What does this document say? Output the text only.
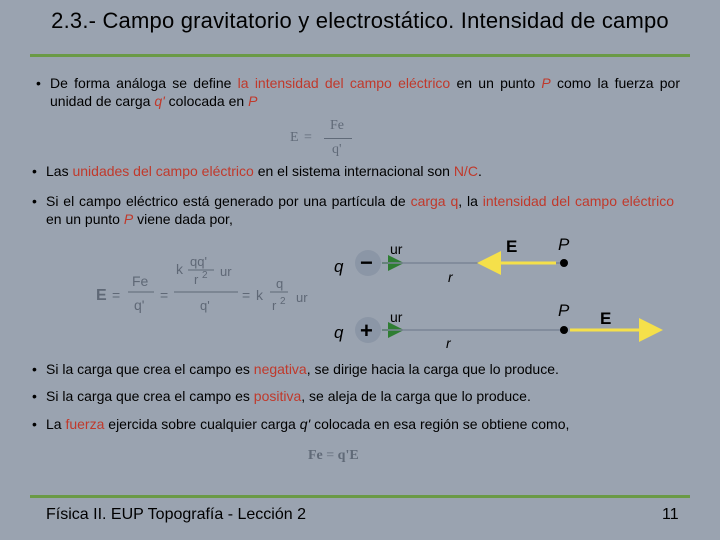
2.3.- Campo gravitatorio y electrostático. Intensidad de campo
• De forma análoga se define la intensidad del campo eléctrico en un punto P como la fuerza por unidad de carga q' colocada en P
E =
Fe
q'
• Las unidades del campo eléctrico en el sistema internacional son N/C.
• Si el campo eléctrico está generado por una partícula de carga q, la intensidad del campo eléctrico en un punto P viene dada por,
E =
Fe
q'
=
k qq'
r 2 ur
q'
= k
q
r 2 ur
q −
ur
r
E P
q +
ur
r
P E
• Si la carga que crea el campo es negativa, se dirige hacia la carga que lo produce.
• Si la carga que crea el campo es positiva, se aleja de la carga que lo produce.
• La fuerza ejercida sobre cualquier carga q' colocada en esa región se obtiene como,
Fe = q'E
Física II. EUP Topografía - Lección 2	11
